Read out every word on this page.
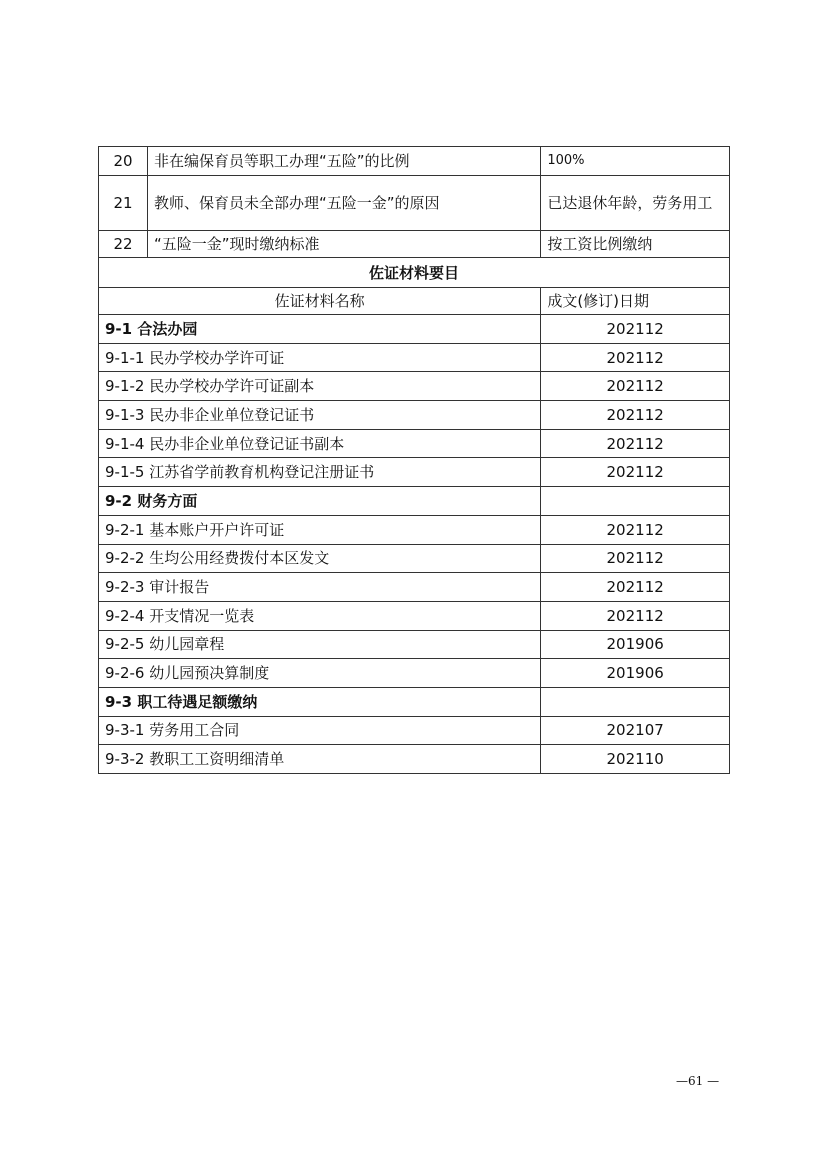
20	非在编保育员等职工办理“五险”的比例	100%
21	教师、保育员未全部办理“五险一金”的原因	已达退休年龄，劳务用工
22	“五险一金”现时缴纳标准	按工资比例缴纳
佐证材料要目		
佐证材料名称		成文(修订)日期
9-1 合法办园		202112
9-1-1 民办学校办学许可证		202112
9-1-2 民办学校办学许可证副本		202112
9-1-3 民办非企业单位登记证书		202112
9-1-4 民办非企业单位登记证书副本		202112
9-1-5 江苏省学前教育机构登记注册证书		202112
9-2 财务方面		
9-2-1 基本账户开户许可证		202112
9-2-2 生均公用经费拨付本区发文		202112
9-2-3 审计报告		202112
9-2-4 开支情况一览表		202112
9-2-5 幼儿园章程		201906
9-2-6 幼儿园预决算制度		201906
9-3 职工待遇足额缴纳		
9-3-1 劳务用工合同		202107
9-3-2 教职工工资明细清单		202110
—61 —
